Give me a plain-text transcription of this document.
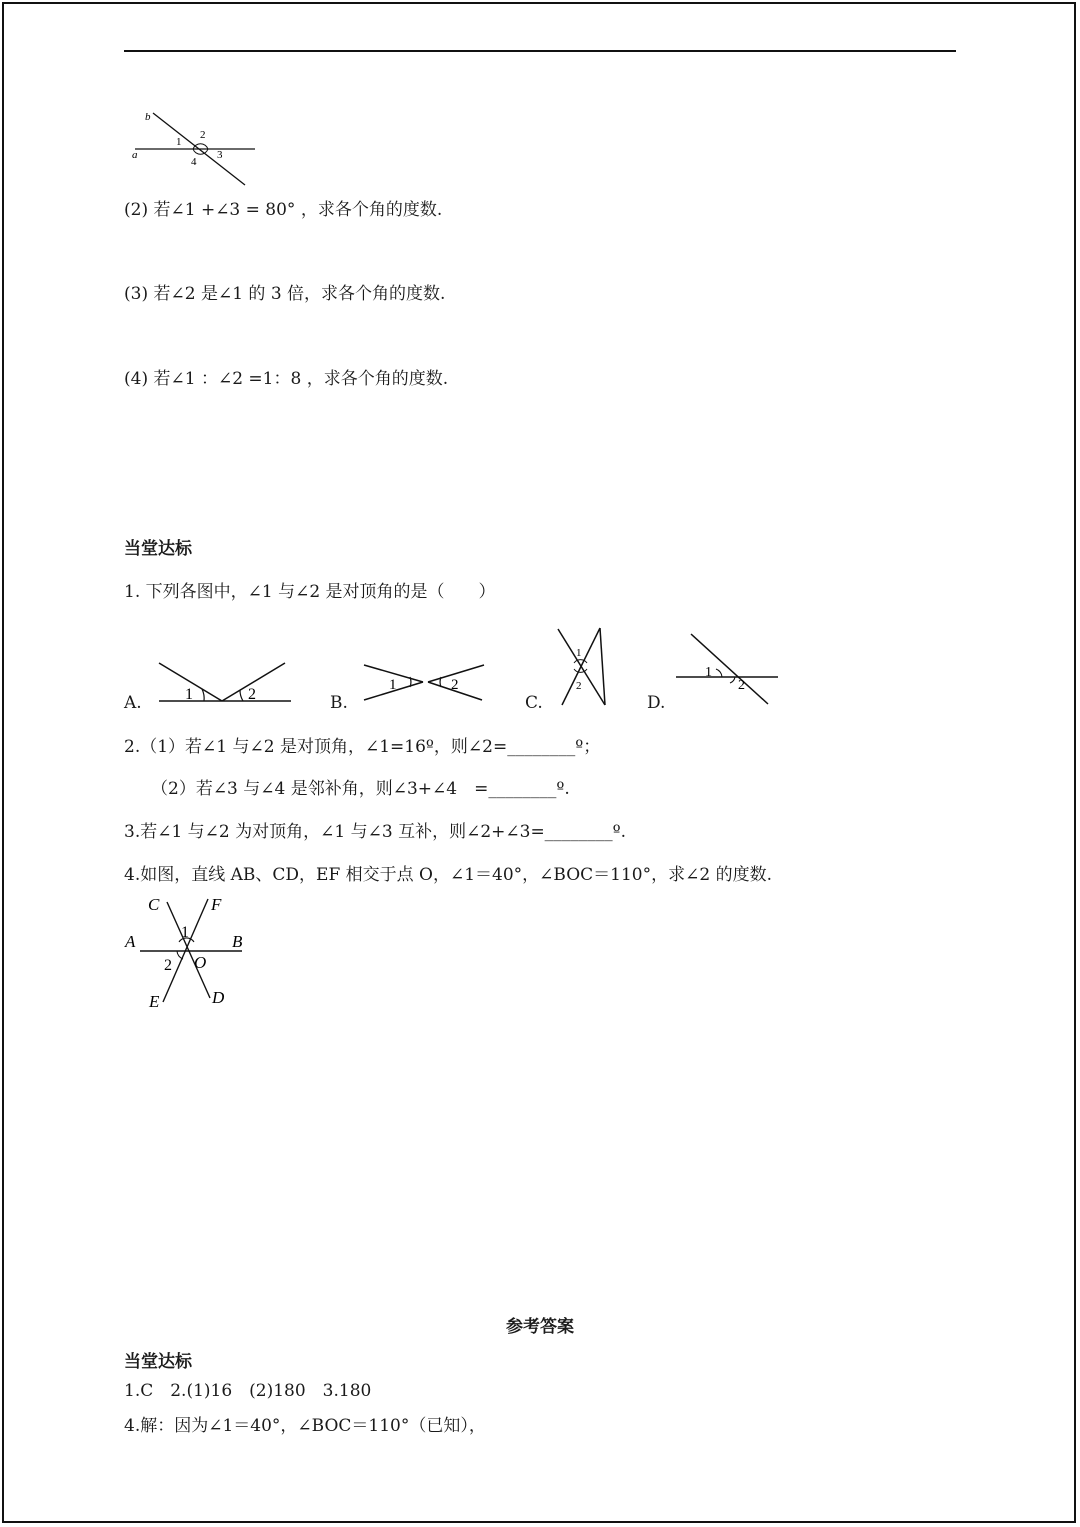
b
a
1
2
3
4
(2) 若∠1 +∠3 = 80° ，求各个角的度数.
(3) 若∠2 是∠1 的 3 倍，求各个角的度数.
(4) 若∠1 ：∠2 =1：8 ，求各个角的度数.
当堂达标
1. 下列各图中，∠1 与∠2 是对顶角的是（　　）
A.	1	2	B.
1	2
C.
1
2
D.
1
2
2.（1）若∠1 与∠2 是对顶角，∠1=16º，则∠2=________º；
（2）若∠3 与∠4 是邻补角，则∠3+∠4　=________º.
3.若∠1 与∠2 为对顶角，∠1 与∠3 互补，则∠2+∠3=________º.
4.如图，直线 AB、CD，EF 相交于点 O，∠1＝40°，∠BOC＝110°，求∠2 的度数.
C	F
A	B
O
E	D
1
2
参考答案
当堂达标
1.C　2.(1)16　(2)180　3.180
4.解：因为∠1＝40°，∠BOC＝110°（已知），
